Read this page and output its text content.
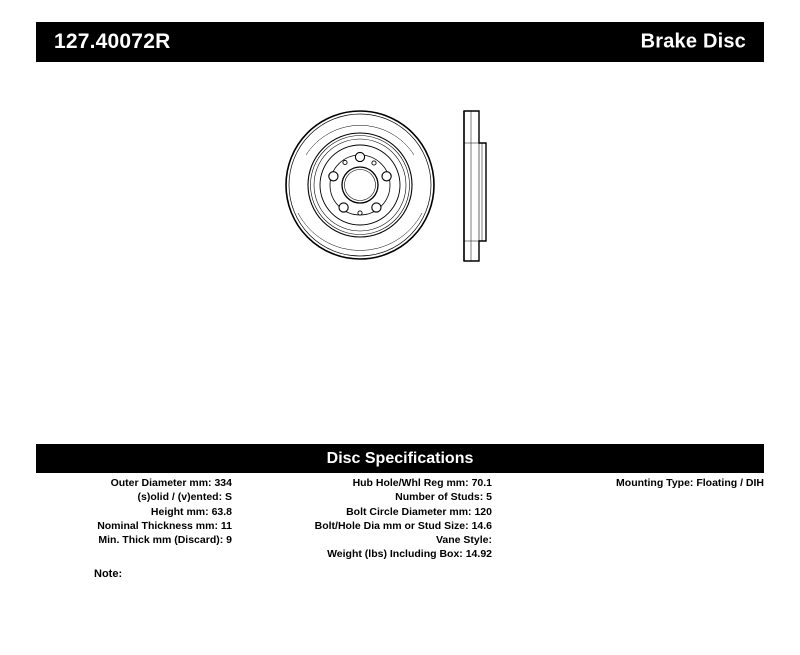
127.40072R	Brake Disc
Disc Specifications
Outer Diameter mm: 334
(s)olid / (v)ented: S
Height mm: 63.8
Nominal Thickness mm: 11
Min. Thick mm (Discard): 9
Hub Hole/Whl Reg mm: 70.1
Number of Studs: 5
Bolt Circle Diameter mm: 120
Bolt/Hole Dia mm or Stud Size: 14.6
Vane Style:
Weight (lbs) Including Box: 14.92
Mounting Type: Floating / DIH
Note:
